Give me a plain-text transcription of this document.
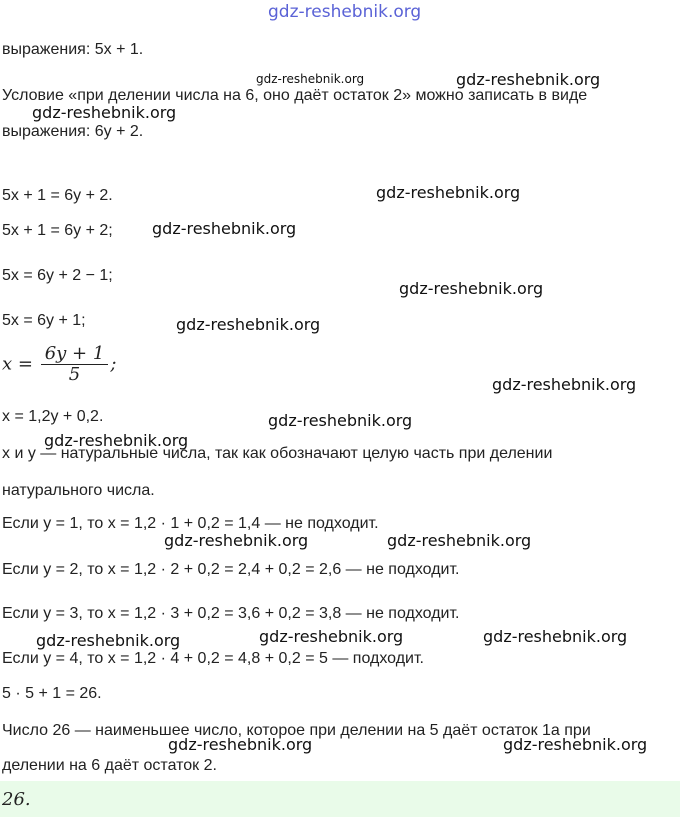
выражения: 5x + 1.
Условие «при делении числа на 6, оно даёт остаток 2» можно записать в виде
выражения: 6y + 2.
5x + 1 = 6y + 2.
5x + 1 = 6y + 2;
5x = 6y + 2 − 1;
5x = 6y + 1;
x = 1,2y + 0,2.
x и y — натуральные числа, так как обозначают целую часть при делении
натурального числа.
Если y = 1, то x = 1,2 · 1 + 0,2 = 1,4 — не подходит.
Если y = 2, то x = 1,2 · 2 + 0,2 = 2,4 + 0,2 = 2,6 — не подходит.
Если y = 3, то x = 1,2 · 3 + 0,2 = 3,6 + 0,2 = 3,8 — не подходит.
Если y = 4, то x = 1,2 · 4 + 0,2 = 4,8 + 0,2 = 5 — подходит.
5 · 5 + 1 = 26.
Число 26 — наименьшее число, которое при делении на 5 даёт остаток 1а при
делении на 6 даёт остаток 2.
$x = \frac{6y + 1}{5}$ ;
gdz-reshebnik.org
gdz-reshebnik.org	gdz-reshebnik.org
gdz-reshebnik.org
gdz-reshebnik.org
gdz-reshebnik.org
gdz-reshebnik.org
gdz-reshebnik.org
gdz-reshebnik.org
gdz-reshebnik.org
gdz-reshebnik.org
gdz-reshebnik.org	gdz-reshebnik.org
gdz-reshebnik.org	gdz-reshebnik.org	gdz-reshebnik.org
gdz-reshebnik.org	gdz-reshebnik.org
26.
